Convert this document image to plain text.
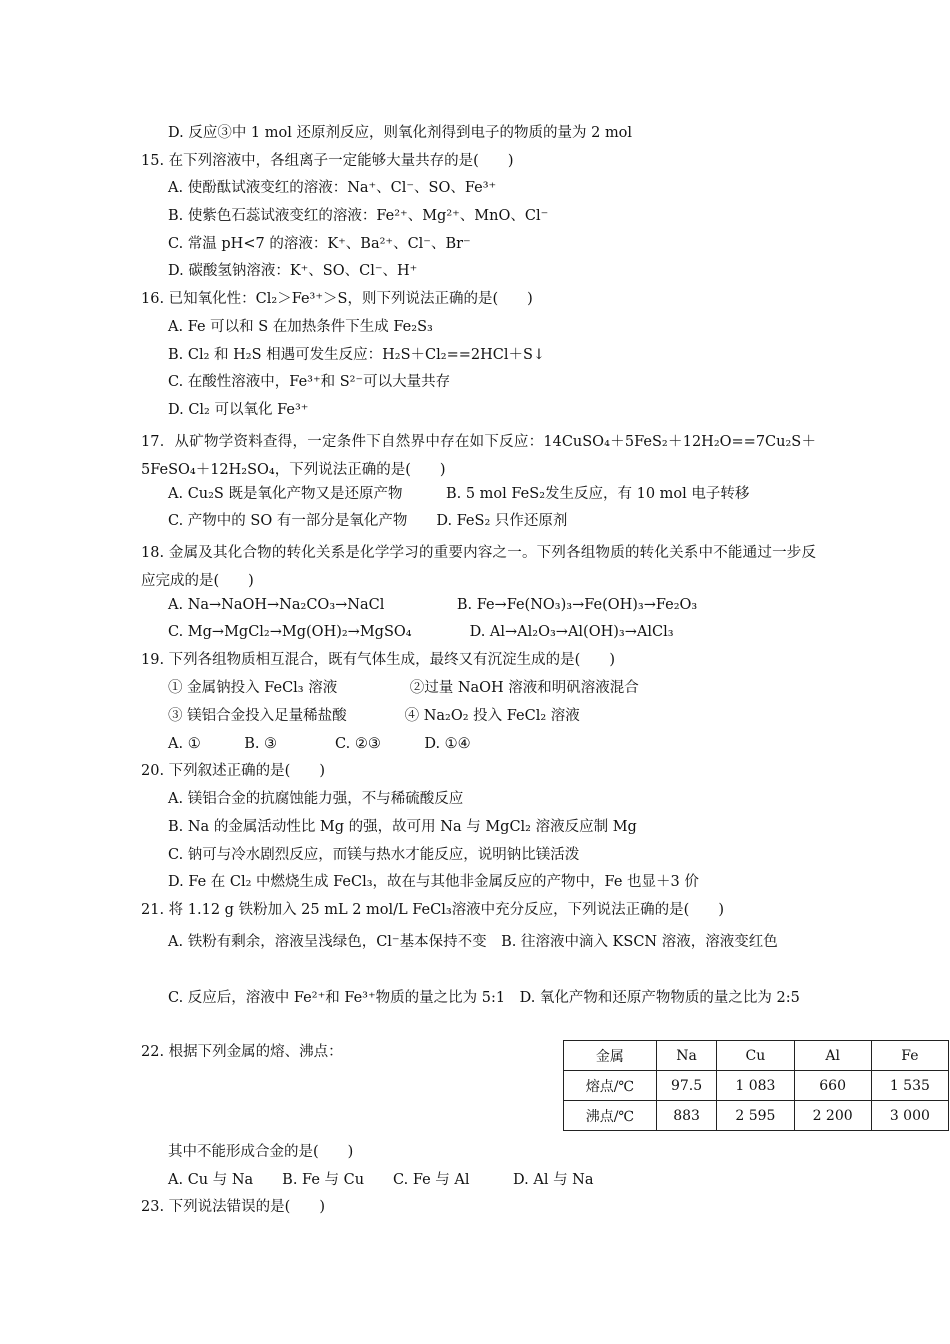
D. 反应③中 1 mol 还原剂反应，则氧化剂得到电子的物质的量为 2 mol
15. 在下列溶液中，各组离子一定能够大量共存的是(　　)
A. 使酚酞试液变红的溶液：Na⁺、Cl⁻、SO、Fe³⁺
B. 使紫色石蕊试液变红的溶液：Fe²⁺、Mg²⁺、MnO、Cl⁻
C. 常温 pH<7 的溶液：K⁺、Ba²⁺、Cl⁻、Br⁻
D. 碳酸氢钠溶液：K⁺、SO、Cl⁻、H⁺
16. 已知氧化性：Cl₂＞Fe³⁺＞S，则下列说法正确的是(　　)
A. Fe 可以和 S 在加热条件下生成 Fe₂S₃
B. Cl₂ 和 H₂S 相遇可发生反应：H₂S＋Cl₂==2HCl＋S↓
C. 在酸性溶液中，Fe³⁺和 S²⁻可以大量共存
D. Cl₂ 可以氧化 Fe³⁺
17．从矿物学资料查得，一定条件下自然界中存在如下反应：14CuSO₄＋5FeS₂＋12H₂O==7Cu₂S＋5FeSO₄＋12H₂SO₄，下列说法正确的是(　　)
A. Cu₂S 既是氧化产物又是还原产物　　　B. 5 mol FeS₂发生反应，有 10 mol 电子转移
C. 产物中的 SO 有一部分是氧化产物　　D. FeS₂ 只作还原剂
18. 金属及其化合物的转化关系是化学学习的重要内容之一。下列各组物质的转化关系中不能通过一步反应完成的是(　　)
A. Na→NaOH→Na₂CO₃→NaCl　　　　　B. Fe→Fe(NO₃)₃→Fe(OH)₃→Fe₂O₃
C. Mg→MgCl₂→Mg(OH)₂→MgSO₄　　　　D. Al→Al₂O₃→Al(OH)₃→AlCl₃
19. 下列各组物质相互混合，既有气体生成，最终又有沉淀生成的是(　　)
① 金属钠投入 FeCl₃ 溶液　　　　　②过量 NaOH 溶液和明矾溶液混合
③ 镁铝合金投入足量稀盐酸　　　　④ Na₂O₂ 投入 FeCl₂ 溶液
A. ①　　　B. ③　　　　C. ②③　　　D. ①④
20. 下列叙述正确的是(　　)
A. 镁铝合金的抗腐蚀能力强，不与稀硫酸反应
B. Na 的金属活动性比 Mg 的强，故可用 Na 与 MgCl₂ 溶液反应制 Mg
C. 钠可与冷水剧烈反应，而镁与热水才能反应，说明钠比镁活泼
D. Fe 在 Cl₂ 中燃烧生成 FeCl₃，故在与其他非金属反应的产物中，Fe 也显＋3 价
21. 将 1.12 g 铁粉加入 25 mL 2 mol/L FeCl₃溶液中充分反应，下列说法正确的是(　　)
A. 铁粉有剩余，溶液呈浅绿色，Cl⁻基本保持不变　B. 往溶液中滴入 KSCN 溶液，溶液变红色
C. 反应后，溶液中 Fe²⁺和 Fe³⁺物质的量之比为 5:1　D. 氧化产物和还原产物物质的量之比为 2:5
22. 根据下列金属的熔、沸点：	金属	Na	Cu	Al	Fe
熔点/℃	97.5	1 083	660	1 535
沸点/℃	883	2 595	2 200	3 000
其中不能形成合金的是(　　)
A. Cu 与 Na　　B. Fe 与 Cu　　C. Fe 与 Al　　　D. Al 与 Na
23. 下列说法错误的是(　　)
